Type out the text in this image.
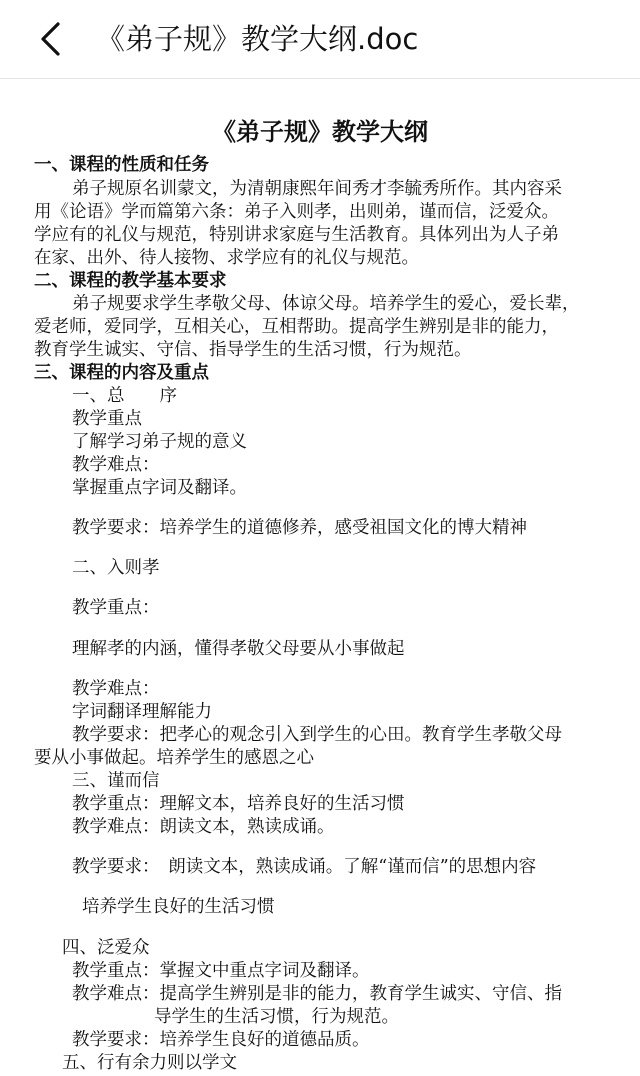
《弟子规》教学大纲.doc
《弟子规》教学大纲
一、课程的性质和任务
弟子规原名训蒙文，为清朝康熙年间秀才李毓秀所作。其内容采
用《论语》学而篇第六条：弟子入则孝，出则弟，谨而信，泛爱众。
学应有的礼仪与规范，特别讲求家庭与生活教育。具体列出为人子弟
在家、出外、待人接物、求学应有的礼仪与规范。
二、课程的教学基本要求
弟子规要求学生孝敬父母、体谅父母。培养学生的爱心，爱长辈，
爱老师，爱同学，互相关心，互相帮助。提高学生辨别是非的能力，
教育学生诚实、守信、指导学生的生活习惯，行为规范。
三、课程的内容及重点
一、总　　序
教学重点
了解学习弟子规的意义
教学难点：
掌握重点字词及翻译。
教学要求：培养学生的道德修养，感受祖国文化的博大精神
二、入则孝
教学重点：
理解孝的内涵，懂得孝敬父母要从小事做起
教学难点：
字词翻译理解能力
教学要求：把孝心的观念引入到学生的心田。教育学生孝敬父母
要从小事做起。培养学生的感恩之心
三、谨而信
教学重点：理解文本，培养良好的生活习惯
教学难点：朗读文本，熟读成诵。
教学要求：　朗读文本，熟读成诵。了解“谨而信”的思想内容
培养学生良好的生活习惯
四、泛爱众
教学重点：掌握文中重点字词及翻译。
教学难点：提高学生辨别是非的能力，教育学生诚实、守信、指
导学生的生活习惯，行为规范。
教学要求：培养学生良好的道德品质。
五、行有余力则以学文
